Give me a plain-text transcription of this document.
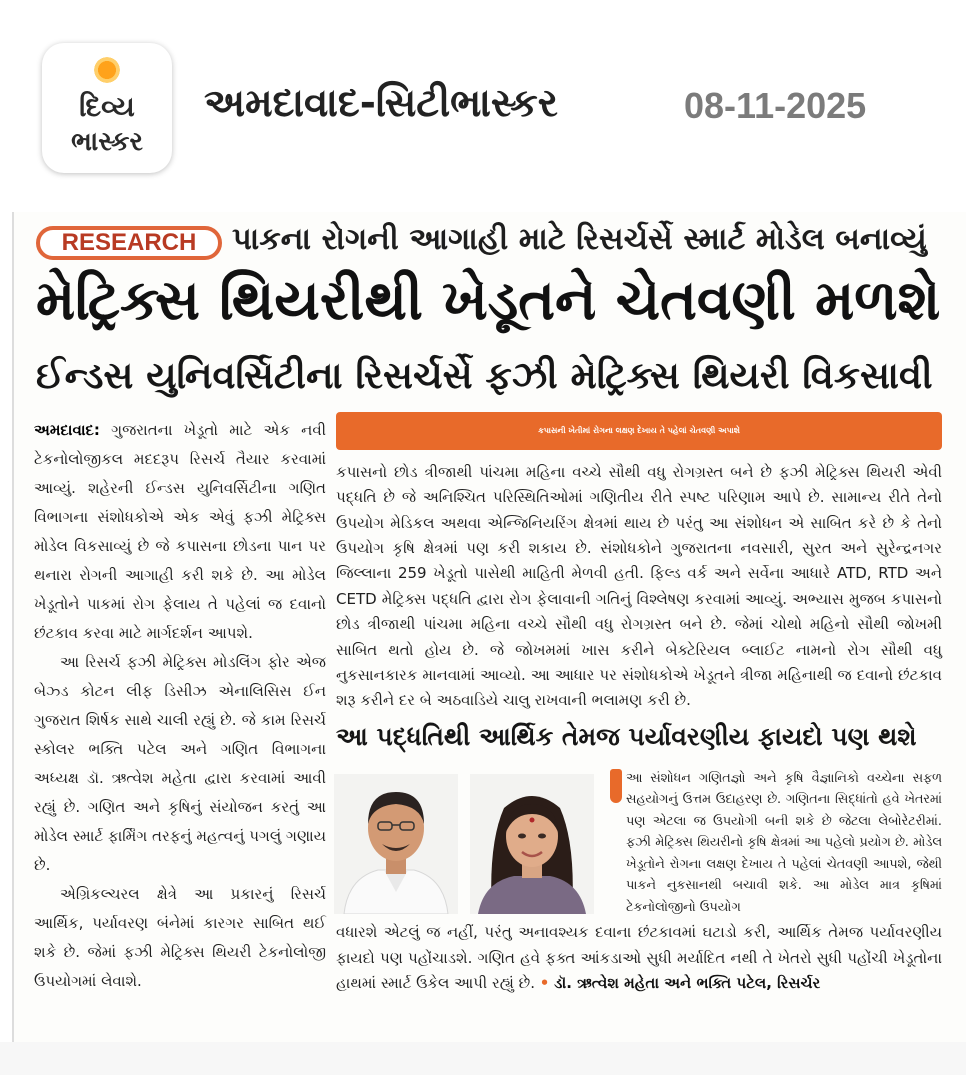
દિવ્ય
ભાસ્કર
અમદાવાદ-સિટીભાસ્કર	08-11-2025
RESEARCH	પાકના રોગની આગાહી માટે રિસર્ચર્સે સ્માર્ટ મોડેલ બનાવ્યું
મેટ્રિક્સ થિયરીથી ખેડૂતને ચેતવણી મળશે
ઈન્ડસ યુનિવર્સિટીના રિસર્ચર્સે ફઝી મેટ્રિક્સ થિયરી વિકસાવી

અમદાવાદ: ગુજરાતના ખેડૂતો માટે એક નવી ટેકનોલોજીકલ મદદરૂપ રિસર્ચ તૈયાર કરવામાં આવ્યું. શહેરની ઈન્ડસ યુનિવર્સિટીના ગણિત વિભાગના સંશોધકોએ એક એવું ફઝી મેટ્રિક્સ મોડેલ વિકસાવ્યું છે જે કપાસના છોડના પાન પર થનારા રોગની આગાહી કરી શકે છે. આ મોડેલ ખેડૂતોને પાકમાં રોગ ફેલાય તે પહેલાં જ દવાનો છંટકાવ કરવા માટે માર્ગદર્શન આપશે.

આ રિસર્ચ ફઝી મેટ્રિક્સ મોડલિંગ ફોર એજ બેઝ્ડ કોટન લીફ ડિસીઝ એનાલિસિસ ઈન ગુજરાત શિર્ષક સાથે ચાલી રહ્યું છે. જે કામ રિસર્ચ સ્કોલર ભક્તિ પટેલ અને ગણિત વિભાગના અધ્યક્ષ ડૉ. ઋત્વેશ મહેતા દ્વારા કરવામાં આવી રહ્યું છે. ગણિત અને કૃષિનું સંયોજન કરતું આ મોડેલ સ્માર્ટ ફાર્મિંગ તરફનું મહત્વનું પગલું ગણાય છે.

એગ્રિકલ્ચરલ ક્ષેત્રે આ પ્રકારનું રિસર્ચ આર્થિક, પર્યાવરણ બંનેમાં કારગર સાબિત થઈ શકે છે. જેમાં ફઝી મેટ્રિક્સ થિયરી ટેકનોલોજી ઉપયોગમાં લેવાશે.

કપાસની ખેતીમાં રોગના લક્ષણ દેખાય તે પહેલાં ચેતવણી અપાશે

કપાસનો છોડ ત્રીજાથી પાંચમા મહિના વચ્ચે સૌથી વધુ રોગગ્રસ્ત બને છે ફઝી મેટ્રિક્સ થિયરી એવી પદ્ધતિ છે જે અનિશ્ચિત પરિસ્થિતિઓમાં ગણિતીય રીતે સ્પષ્ટ પરિણામ આપે છે. સામાન્ય રીતે તેનો ઉપયોગ મેડિકલ અથવા એન્જિનિયરિંગ ક્ષેત્રમાં થાય છે પરંતુ આ સંશોધન એ સાબિત કરે છે કે તેનો ઉપયોગ કૃષિ ક્ષેત્રમાં પણ કરી શકાય છે. સંશોધકોને ગુજરાતના નવસારી, સુરત અને સુરેન્દ્રનગર જિલ્લાના 259 ખેડૂતો પાસેથી માહિતી મેળવી હતી. ફિલ્ડ વર્ક અને સર્વેના આધારે ATD, RTD અને CETD મેટ્રિક્સ પદ્ધતિ દ્વારા રોગ ફેલાવાની ગતિનું વિશ્લેષણ કરવામાં આવ્યું. અભ્યાસ મુજબ કપાસનો છોડ ત્રીજાથી પાંચમા મહિના વચ્ચે સૌથી વધુ રોગગ્રસ્ત બને છે. જેમાં ચોથો મહિનો સૌથી જોખમી સાબિત થતો હોય છે. જે જોખમમાં ખાસ કરીને બેક્ટેરિયલ બ્લાઈટ નામનો રોગ સૌથી વધુ નુકસાનકારક માનવામાં આવ્યો. આ આધાર પર સંશોધકોએ ખેડૂતને ત્રીજા મહિનાથી જ દવાનો છંટકાવ શરૂ કરીને દર બે અઠવાડિયે ચાલુ રાખવાની ભલામણ કરી છે.

આ પદ્ધતિથી આર્થિક તેમજ પર્યાવરણીય ફાયદો પણ થશે

આ સંશોધન ગણિતજ્ઞો અને કૃષિ વૈજ્ઞાનિકો વચ્ચેના સફળ સહયોગનું ઉત્તમ ઉદાહરણ છે. ગણિતના સિદ્ધાંતો હવે ખેતરમાં પણ એટલા જ ઉપયોગી બની શકે છે જેટલા લેબોરેટરીમાં. ફઝી મેટ્રિક્સ થિયરીનો કૃષિ ક્ષેત્રમાં આ પહેલો પ્રયોગ છે. મોડેલ ખેડૂતોને રોગના લક્ષણ દેખાય તે પહેલાં ચેતવણી આપશે, જેથી પાકને નુકસાનથી બચાવી શકે. આ મોડેલ માત્ર કૃષિમાં ટેકનોલોજીનો ઉપયોગ

વધારશે એટલું જ નહીં, પરંતુ અનાવશ્યક દવાના છંટકાવમાં ઘટાડો કરી, આર્થિક તેમજ પર્યાવરણીય ફાયદો પણ પહોંચાડશે. ગણિત હવે ફક્ત આંકડાઓ સુધી મર્યાદિત નથી તે ખેતરો સુધી પહોંચી ખેડૂતોના હાથમાં સ્માર્ટ ઉકેલ આપી રહ્યું છે. • ડૉ. ઋત્વેશ મહેતા અને ભક્તિ પટેલ, રિસર્ચર
